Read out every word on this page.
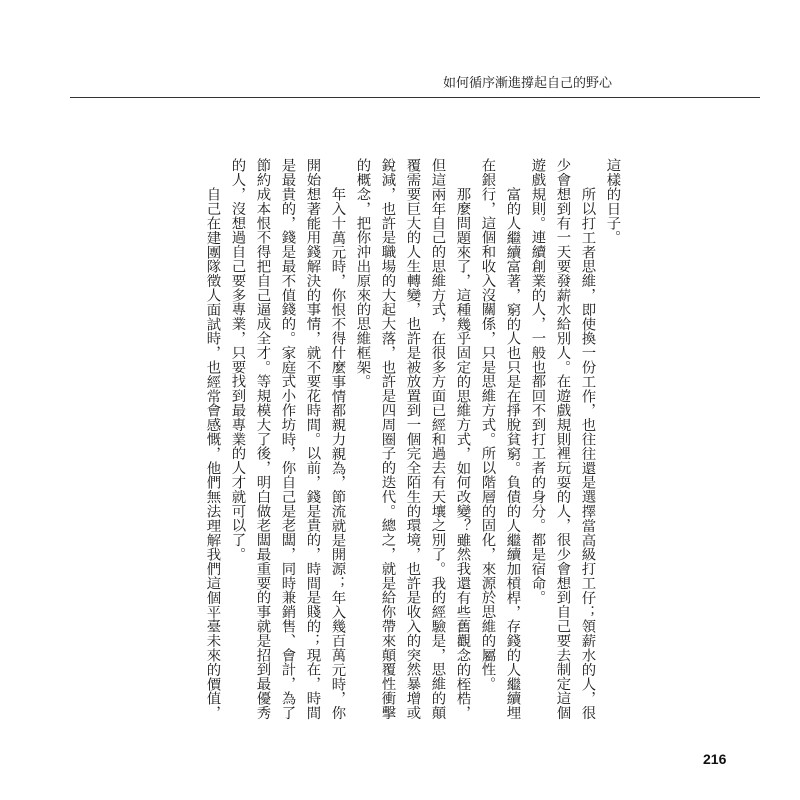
如何循序漸進撐起自己的野心
這樣的日子。
所以打工者思維，即使換一份工作，也往往還是選擇當高級打工仔；領薪水的人，很
少會想到有一天要發薪水給別人。在遊戲規則裡玩耍的人，很少會想到自己要去制定這個
遊戲規則。連續創業的人，一般也都回不到打工者的身分。都是宿命。
富的人繼續富著，窮的人也只是在掙脫貧窮。負債的人繼續加槓桿，存錢的人繼續埋
在銀行，這個和收入沒關係，只是思維方式。所以階層的固化，來源於思維的屬性。
那麼問題來了，這種幾乎固定的思維方式，如何改變？雖然我還有些舊觀念的桎梏，
但這兩年自己的思維方式，在很多方面已經和過去有天壤之別了。我的經驗是，思維的顛
覆需要巨大的人生轉變，也許是被放置到一個完全陌生的環境，也許是收入的突然暴增或
銳減，也許是職場的大起大落，也許是四周圈子的迭代。總之，就是給你帶來顛覆性衝擊
的概念，把你沖出原來的思維框架。
年入十萬元時，你恨不得什麼事情都親力親為，節流就是開源；年入幾百萬元時，你
開始想著能用錢解決的事情，就不要花時間。以前，錢是貴的，時間是賤的；現在，時間
是最貴的，錢是最不值錢的。家庭式小作坊時，你自己是老闆，同時兼銷售、會計，為了
節約成本恨不得把自己逼成全才。等規模大了後，明白做老闆最重要的事就是招到最優秀
的人，沒想過自己要多專業，只要找到最專業的人才就可以了。
自己在建團隊徵人面試時，也經常會感慨，他們無法理解我們這個平臺未來的價值，
216
